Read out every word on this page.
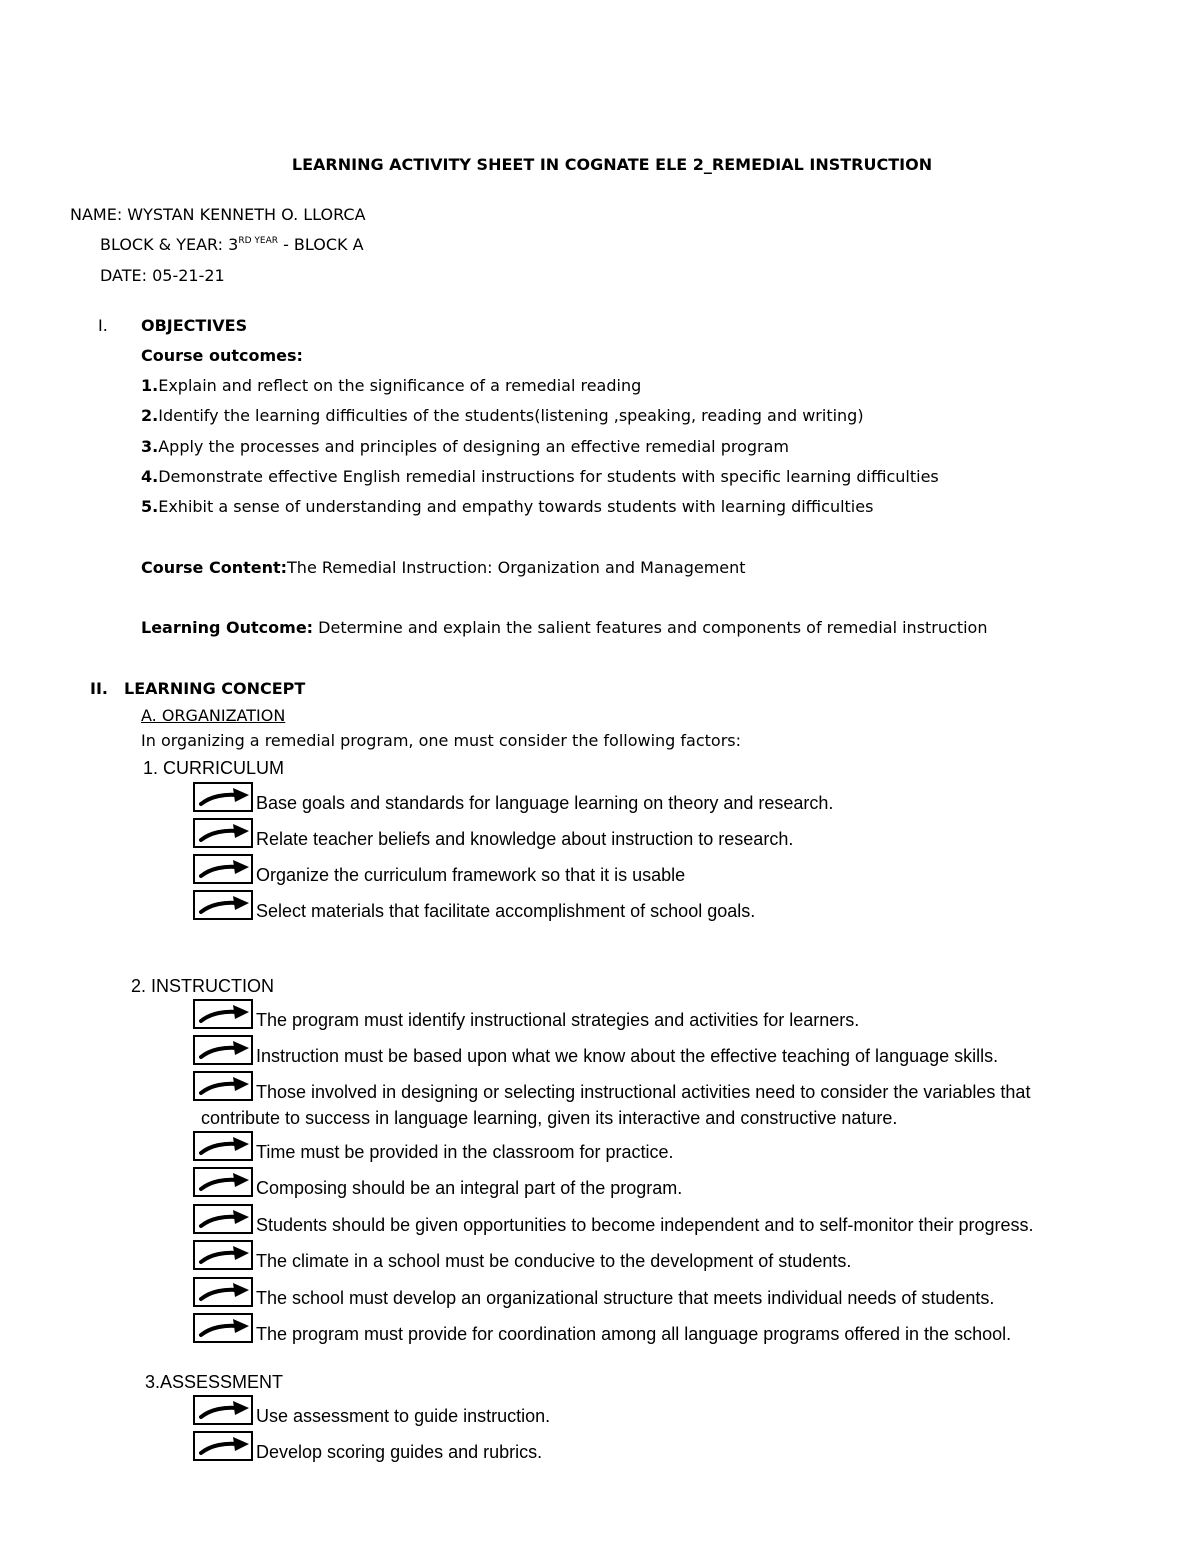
LEARNING ACTIVITY SHEET IN COGNATE ELE 2_REMEDIAL INSTRUCTION
NAME: WYSTAN KENNETH O. LLORCA
BLOCK & YEAR: $3^{RD YEAR}$ - BLOCK A
DATE: 05-21-21
I. OBJECTIVES
Course outcomes:
1.Explain and reflect on the significance of a remedial reading
2.Identify the learning difficulties of the students(listening ,speaking, reading and writing)
3.Apply the processes and principles of designing an effective remedial program
4.Demonstrate effective English remedial instructions for students with specific learning difficulties
5.Exhibit a sense of understanding and empathy towards students with learning difficulties
Course Content:The Remedial Instruction: Organization and Management
Learning Outcome: Determine and explain the salient features and components of remedial instruction
II. LEARNING CONCEPT
A. ORGANIZATION
In organizing a remedial program, one must consider the following factors:
1. CURRICULUM
Base goals and standards for language learning on theory and research.
Relate teacher beliefs and knowledge about instruction to research.
Organize the curriculum framework so that it is usable
Select materials that facilitate accomplishment of school goals.
2. INSTRUCTION
The program must identify instructional strategies and activities for learners.
Instruction must be based upon what we know about the effective teaching of language skills.
Those involved in designing or selecting instructional activities need to consider the variables that
Time must be provided in the classroom for practice.
Composing should be an integral part of the program.
Students should be given opportunities to become independent and to self-monitor their progress.
The climate in a school must be conducive to the development of students.
The school must develop an organizational structure that meets individual needs of students.
The program must provide for coordination among all language programs offered in the school.
contribute to success in language learning, given its interactive and constructive nature.
3.ASSESSMENT
Use assessment to guide instruction.
Develop scoring guides and rubrics.
